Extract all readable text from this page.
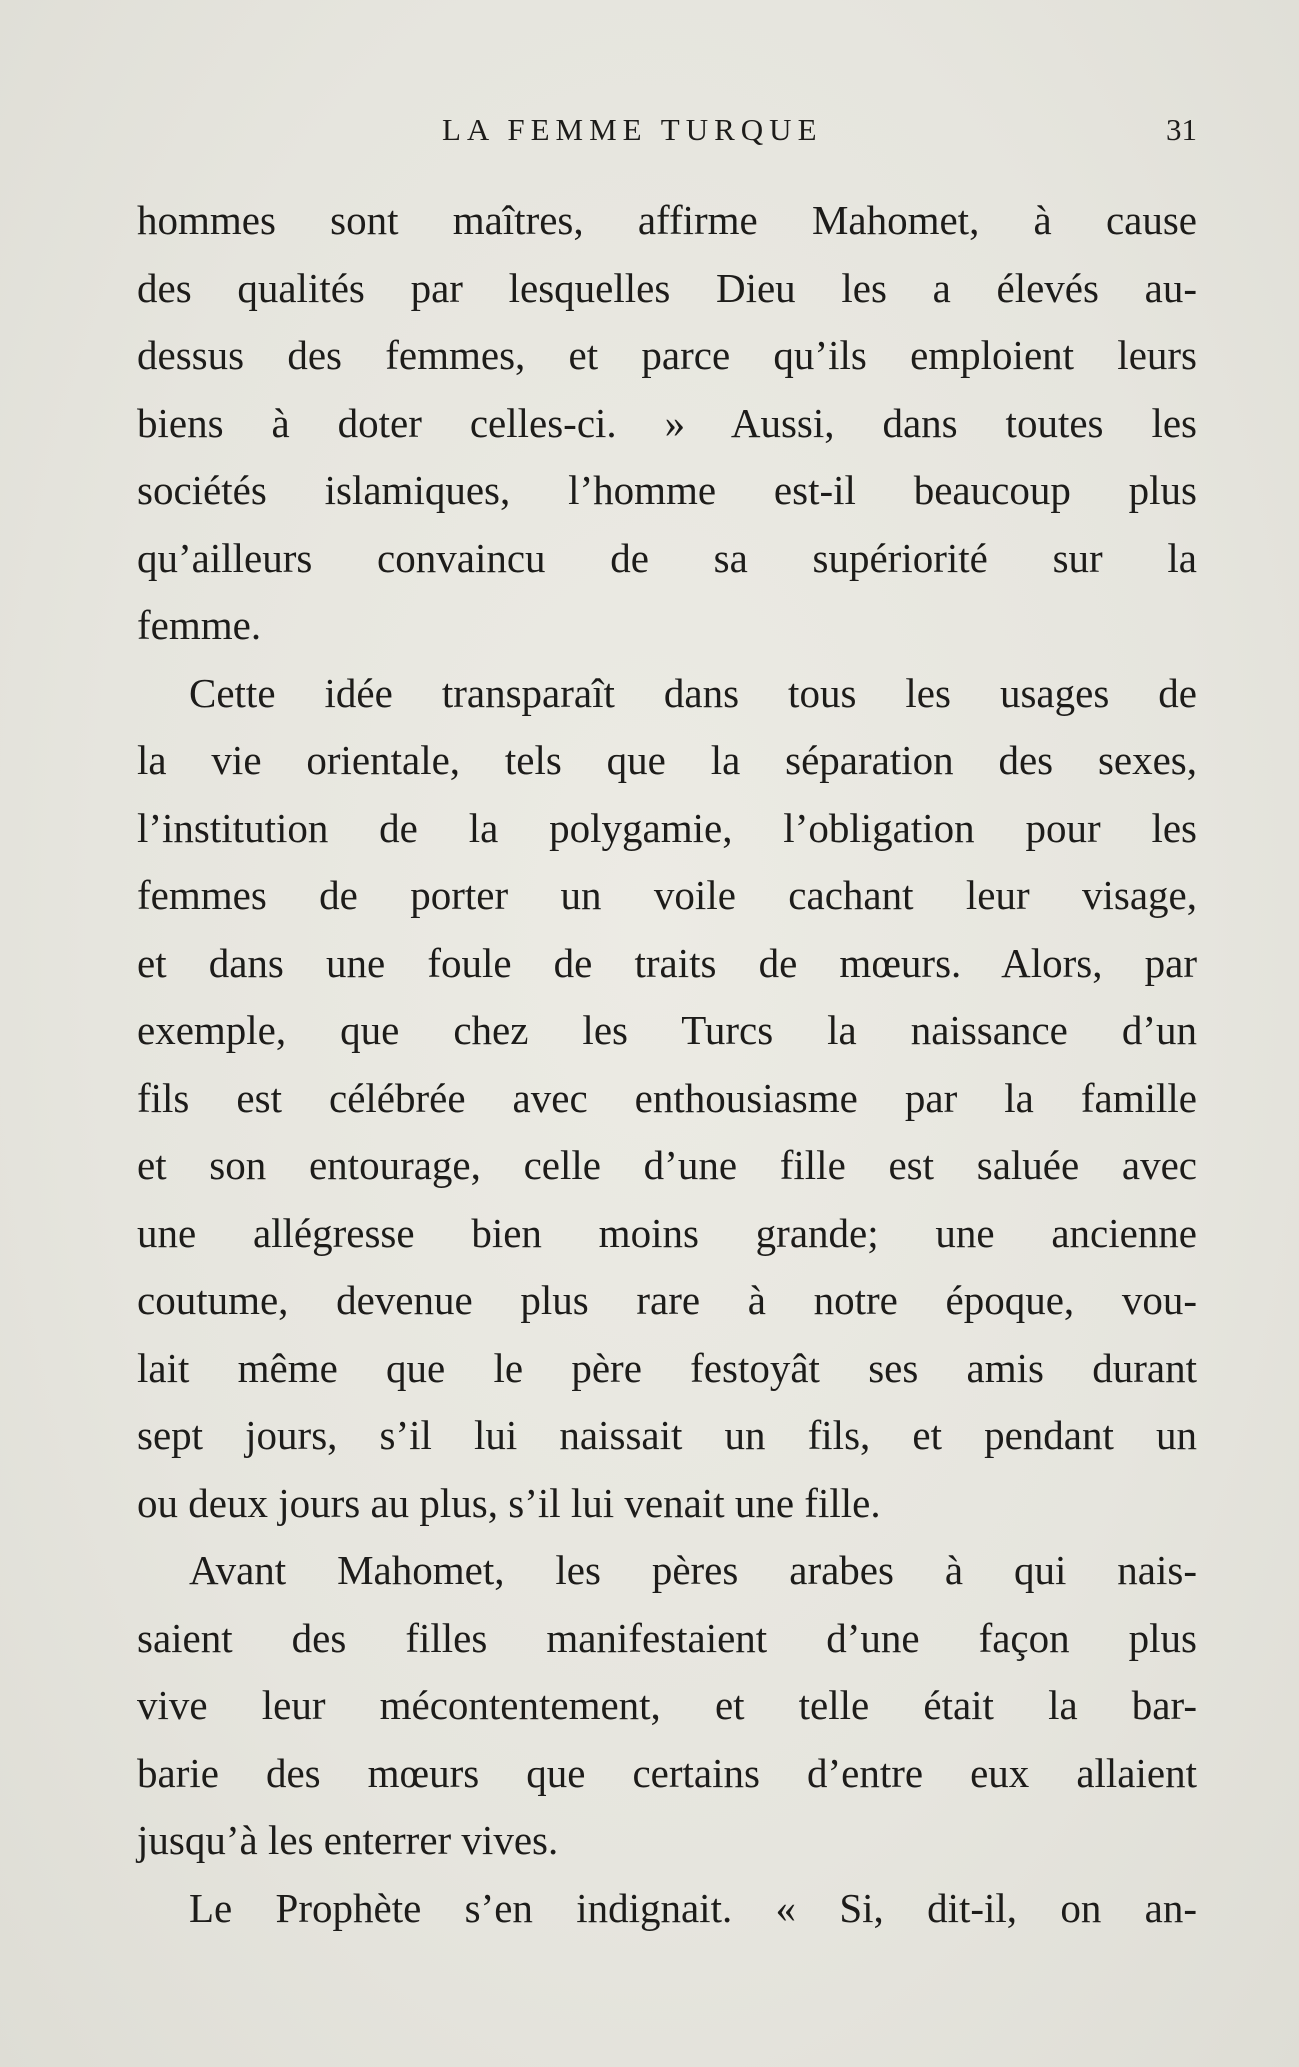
LA FEMME TURQUE	31
hommes sont maîtres, affirme Mahomet, à cause
des qualités par lesquelles Dieu les a élevés au-
dessus des femmes, et parce qu’ils emploient leurs
biens à doter celles-ci. » Aussi, dans toutes les
sociétés islamiques, l’homme est-il beaucoup plus
qu’ailleurs convaincu de sa supériorité sur la
femme.
Cette idée transparaît dans tous les usages de
la vie orientale, tels que la séparation des sexes,
l’institution de la polygamie, l’obligation pour les
femmes de porter un voile cachant leur visage,
et dans une foule de traits de mœurs. Alors, par
exemple, que chez les Turcs la naissance d’un
fils est célébrée avec enthousiasme par la famille
et son entourage, celle d’une fille est saluée avec
une allégresse bien moins grande; une ancienne
coutume, devenue plus rare à notre époque, vou-
lait même que le père festoyât ses amis durant
sept jours, s’il lui naissait un fils, et pendant un
ou deux jours au plus, s’il lui venait une fille.
Avant Mahomet, les pères arabes à qui nais-
saient des filles manifestaient d’une façon plus
vive leur mécontentement, et telle était la bar-
barie des mœurs que certains d’entre eux allaient
jusqu’à les enterrer vives.
Le Prophète s’en indignait. « Si, dit-il, on an-
